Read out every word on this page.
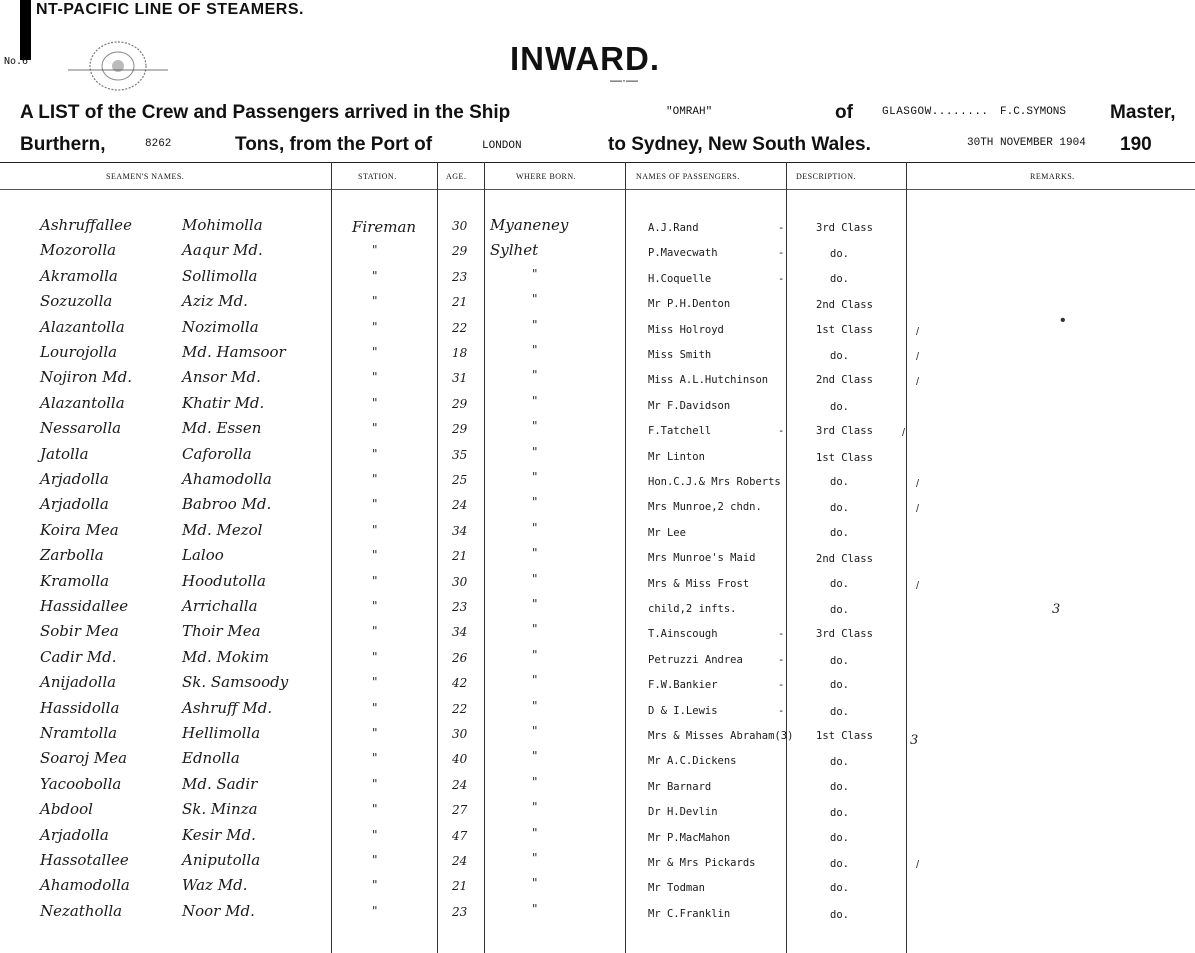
NT-PACIFIC LINE OF STEAMERS.
No.6	INWARD.
—·—
A LIST of the Crew and Passengers arrived in the Ship	"OMRAH"	of	GLASGOW........ F.C.SYMONS Master,
Burthern,	8262	Tons, from the Port of	LONDON	to Sydney, New South Wales.	30TH NOVEMBER 1904 190
SEAMEN'S NAMES.	STATION.	AGE.	WHERE BORN.	NAMES OF PASSENGERS.	DESCRIPTION.	REMARKS.
Ashruffallee	Mohimolla	Fireman	30 Myaneney	A.J.Rand	-	3rd Class
Mozorolla	Aaqur Md.	"	29 Sylhet	P.Mavecwath	-	do.
Akramolla	Sollimolla	"	23	"	H.Coquelle	-	do.
Sozuzolla	Aziz Md.	"	21	"	Mr P.H.Denton	2nd Class
Alazantolla	Nozimolla	"	22	"	Miss Holroyd	1st Class	/
Lourojolla	Md. Hamsoor	"	18	"	Miss Smith	do.	/
Nojiron Md.	Ansor Md.	"	31	"	Miss A.L.Hutchinson	2nd Class	/
Alazantolla	Khatir Md.	"	29	"	Mr F.Davidson	do.
Nessarolla	Md. Essen	"	29	"	F.Tatchell	-	3rd Class	/
Jatolla	Caforolla	"	35	"	Mr Linton	1st Class
Arjadolla	Ahamodolla	"	25	"	Hon.C.J.& Mrs Roberts	do.	/
Arjadolla	Babroo Md.	"	24	"	Mrs Munroe,2 chdn.	do.	/
Koira Mea	Md. Mezol	"	34	"	Mr Lee	do.
Zarbolla	Laloo	"	21	"	Mrs Munroe's Maid	2nd Class
Kramolla	Hoodutolla	"	30	"	Mrs & Miss Frost	do.	/
Hassidallee	Arrichalla	"	23	"	child,2 infts.	do.
Sobir Mea	Thoir Mea	"	34	"	T.Ainscough	-	3rd Class
Cadir Md.	Md. Mokim	"	26	"	Petruzzi Andrea	-	do.
Anijadolla	Sk. Samsoody	"	42	"	F.W.Bankier	-	do.
Hassidolla	Ashruff Md.	"	22	"	D & I.Lewis	-	do.
Nramtolla	Hellimolla	"	30	"	Mrs & Misses Abraham(3) 1st Class
Soaroj Mea	Ednolla	"	40	"	Mr A.C.Dickens	do.
Yacoobolla	Md. Sadir	"	24	"	Mr Barnard	do.
Abdool	Sk. Minza	"	27	"	Dr H.Devlin	do.
Arjadolla	Kesir Md.	"	47	"	Mr P.MacMahon	do.
Hassotallee	Aniputolla	"	24	"	Mr & Mrs Pickards	do.	/
Ahamodolla	Waz Md.	"	21	"	Mr Todman	do.
Nezatholla	Noor Md.	"	23	"	Mr C.Franklin	do.
3
3
•
